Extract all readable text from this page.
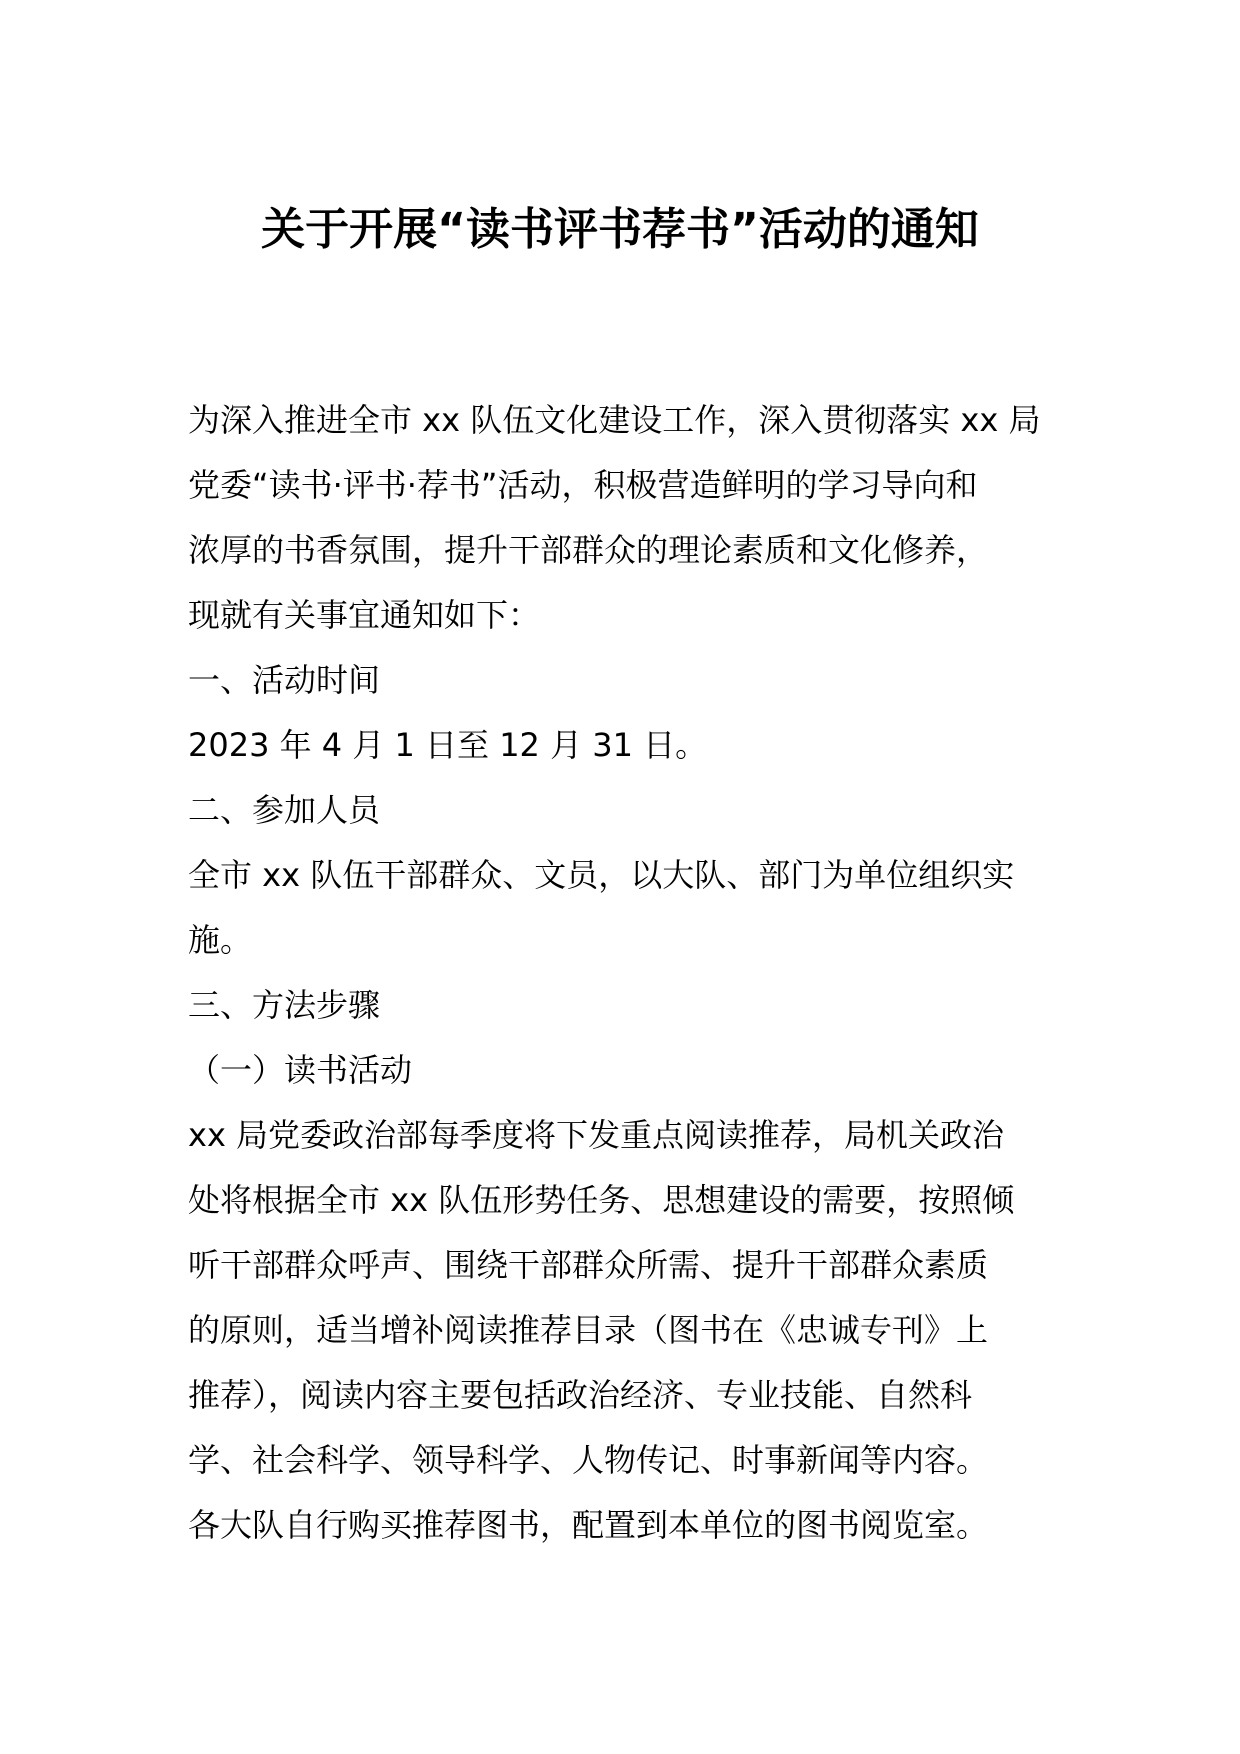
关于开展“读书评书荐书”活动的通知
为深入推进全市 xx 队伍文化建设工作，深入贯彻落实 xx 局
党委“读书·评书·荐书”活动，积极营造鲜明的学习导向和
浓厚的书香氛围，提升干部群众的理论素质和文化修养，
现就有关事宜通知如下：
一、活动时间
2023 年 4 月 1 日至 12 月 31 日。
二、参加人员
全市 xx 队伍干部群众、文员，以大队、部门为单位组织实
施。
三、方法步骤
（一）读书活动
xx 局党委政治部每季度将下发重点阅读推荐，局机关政治
处将根据全市 xx 队伍形势任务、思想建设的需要，按照倾
听干部群众呼声、围绕干部群众所需、提升干部群众素质
的原则，适当增补阅读推荐目录（图书在《忠诚专刊》上
推荐），阅读内容主要包括政治经济、专业技能、自然科
学、社会科学、领导科学、人物传记、时事新闻等内容。
各大队自行购买推荐图书，配置到本单位的图书阅览室。
